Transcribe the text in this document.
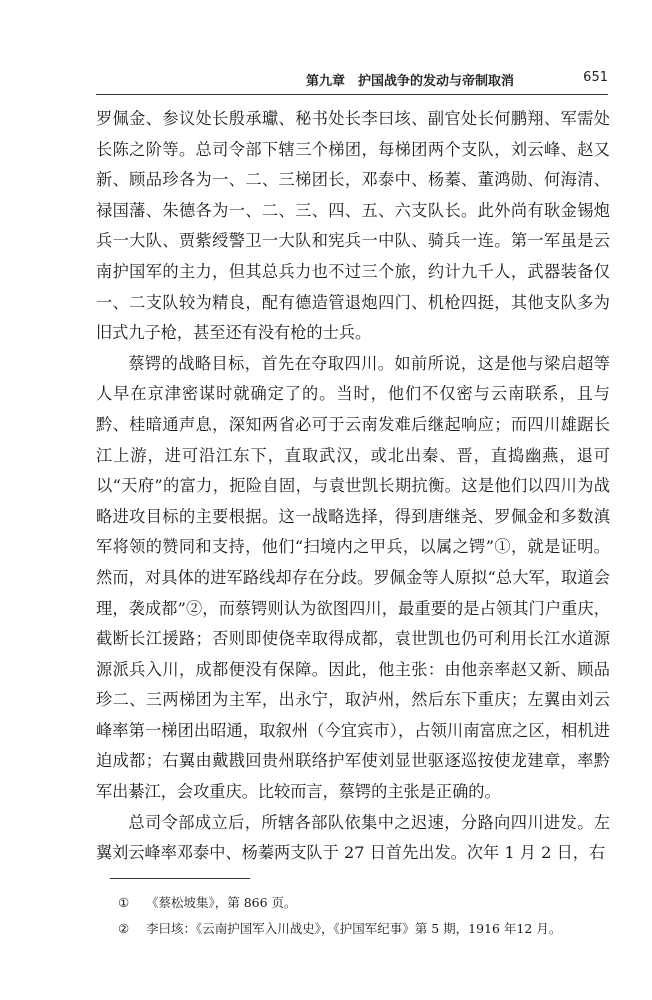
第九章　护国战争的发动与帝制取消	651

罗佩金、参议处长殷承瓛、秘书处长李曰垓、副官处长何鹏翔、军需处长陈之阶等。总司令部下辖三个梯团，每梯团两个支队，刘云峰、赵又新、顾品珍各为一、二、三梯团长，邓泰中、杨蓁、董鸿勋、何海清、禄国藩、朱德各为一、二、三、四、五、六支队长。此外尚有耿金锡炮兵一大队、贾紫绶警卫一大队和宪兵一中队、骑兵一连。第一军虽是云南护国军的主力，但其总兵力也不过三个旅，约计九千人，武器装备仅一、二支队较为精良，配有德造管退炮四门、机枪四挺，其他支队多为旧式九子枪，甚至还有没有枪的士兵。

蔡锷的战略目标，首先在夺取四川。如前所说，这是他与梁启超等人早在京津密谋时就确定了的。当时，他们不仅密与云南联系，且与黔、桂暗通声息，深知两省必可于云南发难后继起响应；而四川雄踞长江上游，进可沿江东下，直取武汉，或北出秦、晋，直捣幽燕，退可以“天府”的富力，扼险自固，与袁世凯长期抗衡。这是他们以四川为战略进攻目标的主要根据。这一战略选择，得到唐继尧、罗佩金和多数滇军将领的赞同和支持，他们“扫境内之甲兵，以属之锷”①，就是证明。然而，对具体的进军路线却存在分歧。罗佩金等人原拟“总大军，取道会理，袭成都”②，而蔡锷则认为欲图四川，最重要的是占领其门户重庆，截断长江援路；否则即使侥幸取得成都，袁世凯也仍可利用长江水道源源派兵入川，成都便没有保障。因此，他主张：由他亲率赵又新、顾品珍二、三两梯团为主军，出永宁，取泸州，然后东下重庆；左翼由刘云峰率第一梯团出昭通，取叙州（今宜宾市），占领川南富庶之区，相机进迫成都；右翼由戴戡回贵州联络护军使刘显世驱逐巡按使龙建章，率黔军出綦江，会攻重庆。比较而言，蔡锷的主张是正确的。

总司令部成立后，所辖各部队依集中之迟速，分路向四川进发。左翼刘云峰率邓泰中、杨蓁两支队于 27 日首先出发。次年 1 月 2 日，右

① 《蔡松坡集》，第 866 页。
② 李曰垓：《云南护国军入川战史》，《护国军纪事》第 5 期，1916 年12 月。
